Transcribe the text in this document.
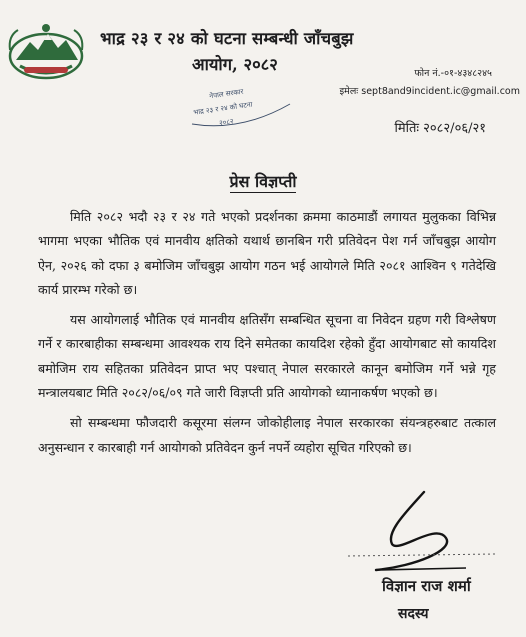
भाद्र २३ र २४ को घटना सम्बन्धी जाँचबुझ
आयोग, २०८२
नेपाल सरकार
भाद्र २३ र २४ को घटना
२०८२
फोन नं.-०१-४३४८२४५
इमेलः sept8and9incident.ic@gmail.com
मितिः २०८२/०६/२१
प्रेस विज्ञप्ती

मिति २०८२ भदौ २३ र २४ गते भएको प्रदर्शनका क्रममा काठमाडौं लगायत मुलुकका विभिन्न भागमा भएका भौतिक एवं मानवीय क्षतिको यथार्थ छानबिन गरी प्रतिवेदन पेश गर्न जाँचबुझ आयोग ऐन, २०२६ को दफा ३ बमोजिम जाँचबुझ आयोग गठन भई आयोगले मिति २०८१ आश्विन ९ गतेदेखि कार्य प्रारम्भ गरेको छ।

यस आयोगलाई भौतिक एवं मानवीय क्षतिसँग सम्बन्धित सूचना वा निवेदन ग्रहण गरी विश्लेषण गर्ने र कारबाहीका सम्बन्धमा आवश्यक राय दिने समेतका कायदिश रहेको हुँदा आयोगबाट सो कायदिश बमोजिम राय सहितका प्रतिवेदन प्राप्त भए पश्चात् नेपाल सरकारले कानून बमोजिम गर्ने भन्ने गृह मन्त्रालयबाट मिति २०८२/०६/०९ गते जारी विज्ञप्ती प्रति आयोगको ध्यानाकर्षण भएको छ।

सो सम्बन्धमा फौजदारी कसूरमा संलग्न जोकोहीलाइ नेपाल सरकारका संयन्त्रहरुबाट तत्काल अनुसन्धान र कारबाही गर्न आयोगको प्रतिवेदन कुर्न नपर्ने व्यहोरा सूचित गरिएको छ।

विज्ञान राज शर्मा
सदस्य
